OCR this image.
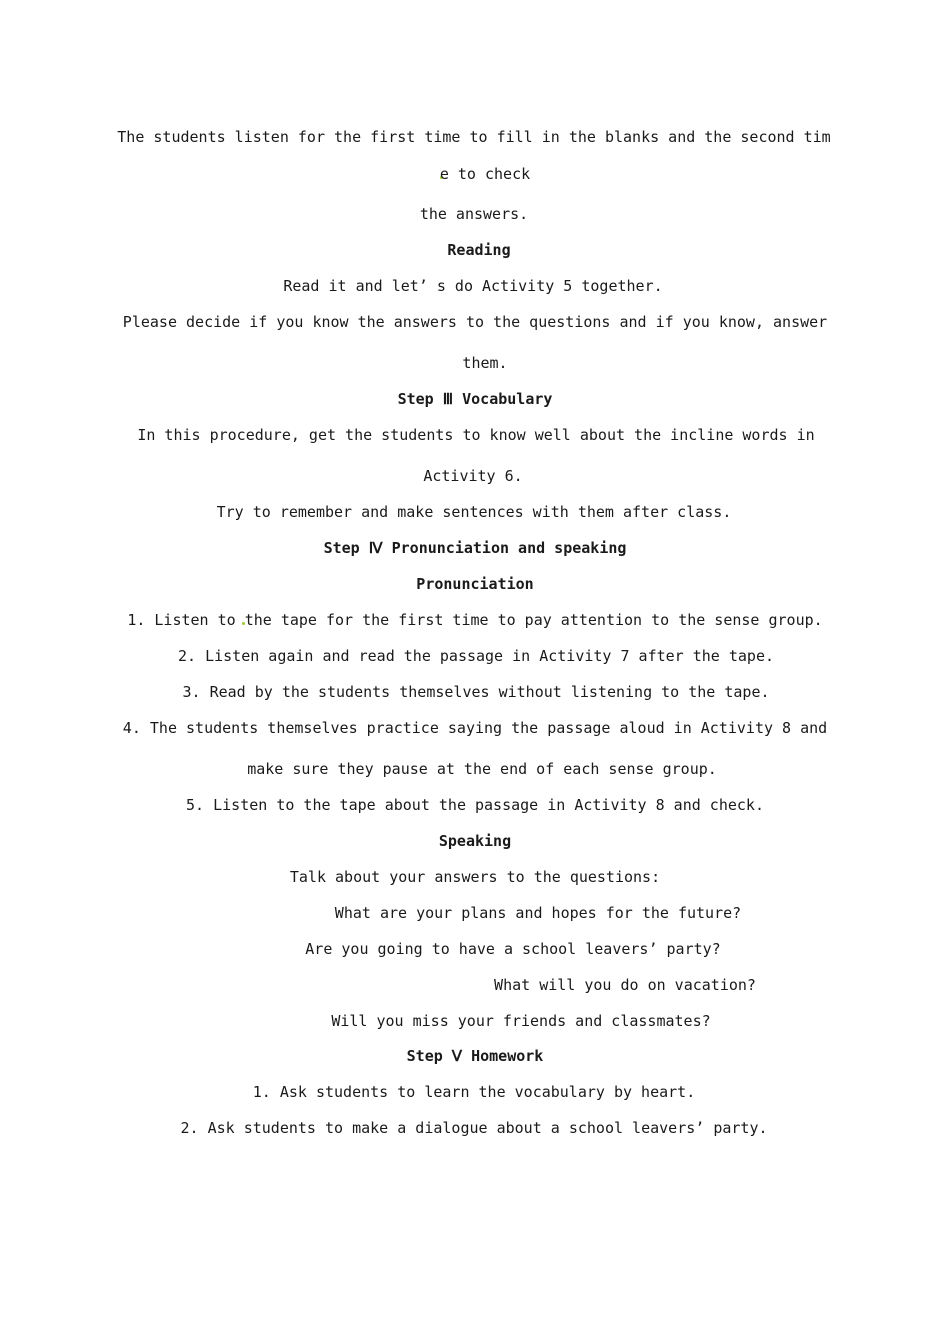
The students listen for the first time to fill in the blanks and the second tim
e to check
the answers.
Reading
Read it and let’ s do Activity 5 together.
Please decide if you know the answers to the questions and if you know, answer
them.
Step Ⅲ Vocabulary
In this procedure, get the students to know well about the incline words in
Activity 6.
Try to remember and make sentences with them after class.
Step Ⅳ Pronunciation and speaking
Pronunciation
1. Listen to the tape for the first time to pay attention to the sense group.
2. Listen again and read the passage in Activity 7 after the tape.
3. Read by the students themselves without listening to the tape.
4. The students themselves practice saying the passage aloud in Activity 8 and
make sure they pause at the end of each sense group.
5. Listen to the tape about the passage in Activity 8 and check.
Speaking
Talk about your answers to the questions:
What are your plans and hopes for the future?
Are you going to have a school leavers’ party?
What will you do on vacation?
Will you miss your friends and classmates?
Step Ⅴ Homework
1. Ask students to learn the vocabulary by heart.
2. Ask students to make a dialogue about a school leavers’ party.
